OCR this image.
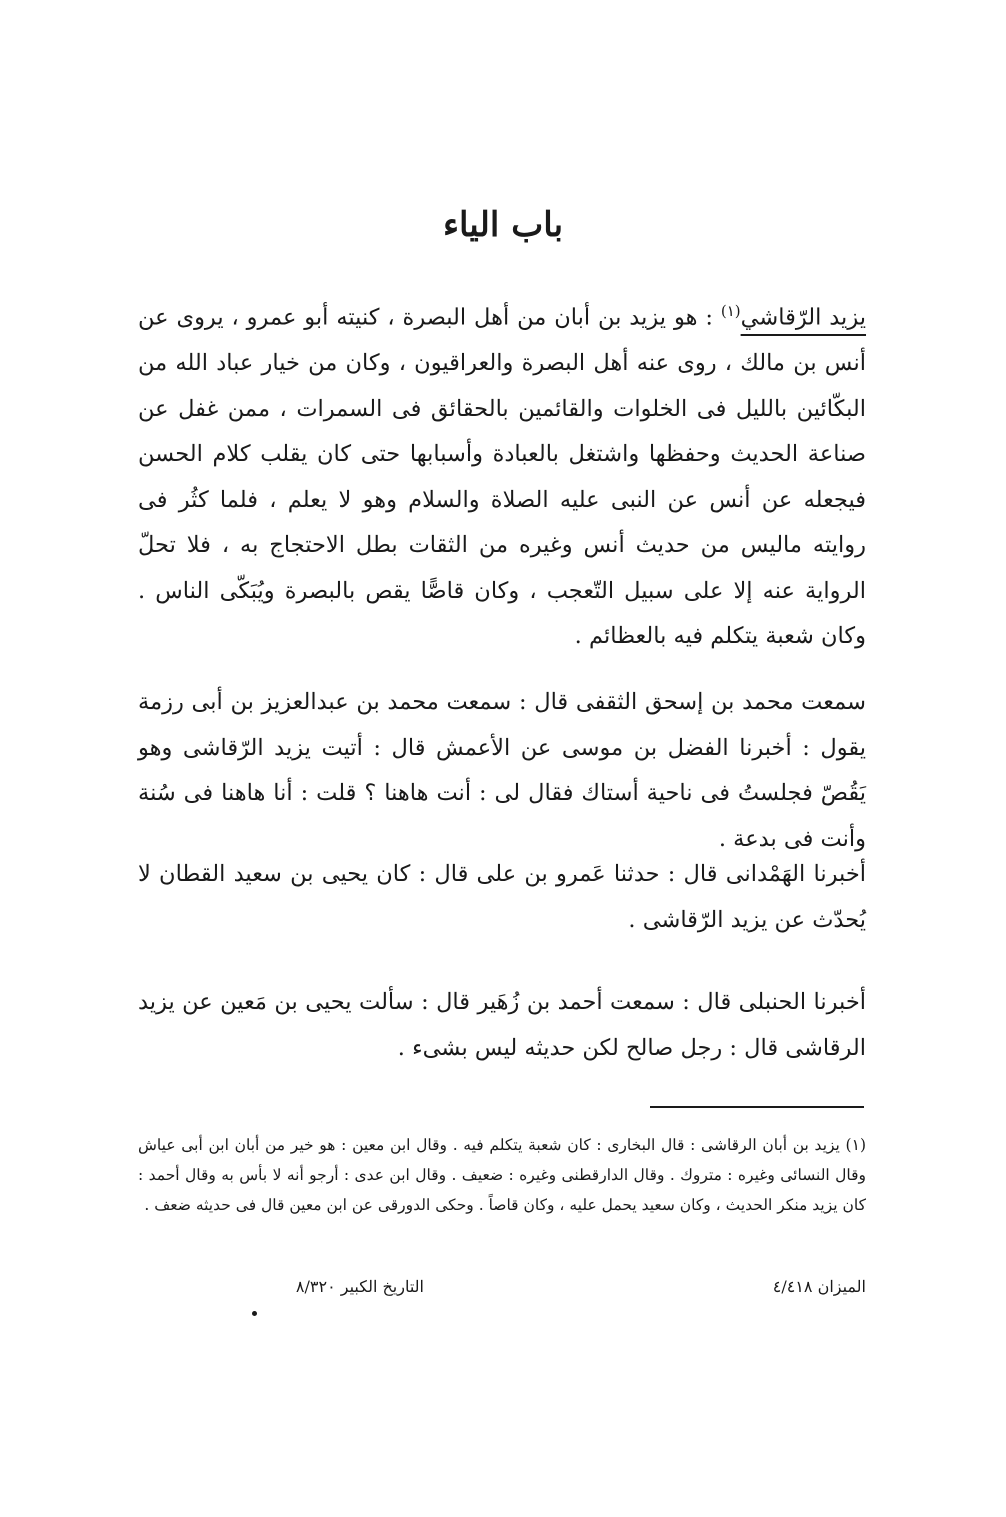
باب الياء

يزيد الرّقاشي$^{(١)}$ : هو يزيد بن أبان من أهل البصرة ، كنيته أبو عمرو ، يروى عن أنس بن مالك ، روى عنه أهل البصرة والعراقيون ، وكان من خيار عباد الله من البكّائين بالليل فى الخلوات والقائمين بالحقائق فى السمرات ، ممن غفل عن صناعة الحديث وحفظها واشتغل بالعبادة وأسبابها حتى كان يقلب كلام الحسن فيجعله عن أنس عن النبى عليه الصلاة والسلام وهو لا يعلم ، فلما كثُر فى روايته ماليس من حديث أنس وغيره من الثقات بطل الاحتجاج به ، فلا تحلّ الرواية عنه إلا على سبيل التّعجب ، وكان قاصًّا يقص بالبصرة ويُبَكّى الناس . وكان شعبة يتكلم فيه بالعظائم .

سمعت محمد بن إسحق الثقفى قال : سمعت محمد بن عبدالعزيز بن أبى رزمة يقول : أخبرنا الفضل بن موسى عن الأعمش قال : أتيت يزيد الرّقاشى وهو يَقُصّ فجلستُ فى ناحية أستاك فقال لى : أنت هاهنا ؟ قلت : أنا هاهنا فى سُنة وأنت فى بدعة .

أخبرنا الهَمْدانى قال : حدثنا عَمرو بن على قال : كان يحيى بن سعيد القطان لا يُحدّث عن يزيد الرّقاشى .

أخبرنا الحنبلى قال : سمعت أحمد بن زُهَير قال : سألت يحيى بن مَعين عن يزيد الرقاشى قال : رجل صالح لكن حديثه ليس بشىء .

(١) يزيد بن أبان الرقاشى : قال البخارى : كان شعبة يتكلم فيه . وقال ابن معين : هو خير من أبان ابن أبى عياش وقال النسائى وغيره : متروك . وقال الدارقطنى وغيره : ضعيف . وقال ابن عدى : أرجو أنه لا بأس به وقال أحمد : كان يزيد منكر الحديث ، وكان سعيد يحمل عليه ، وكان قاصاً . وحكى الدورقى عن ابن معين قال فى حديثه ضعف .

الميزان ٤/٤١٨
التاريخ الكبير ٨/٣٢٠
